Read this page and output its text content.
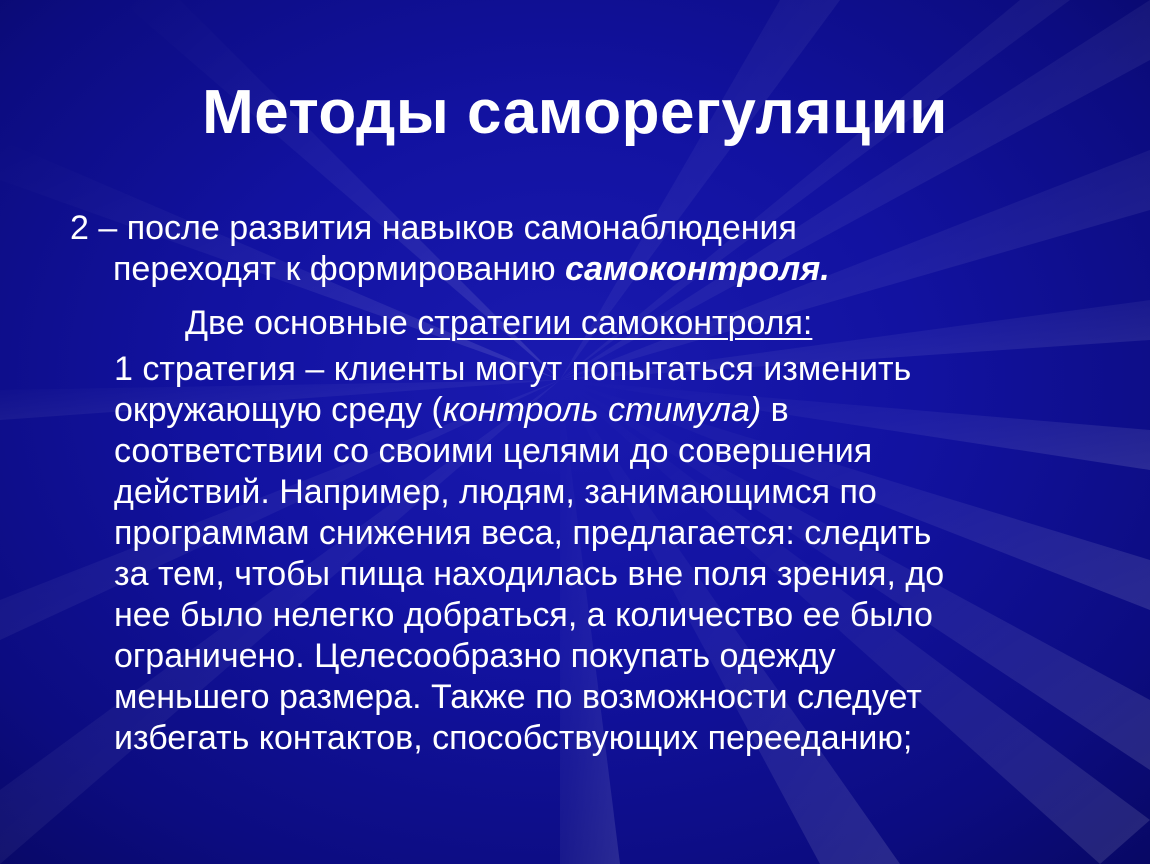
Методы саморегуляции
2 – после развития навыков самонаблюдения
переходят к формированию самоконтроля.
Две основные стратегии самоконтроля:
1 стратегия – клиенты могут попытаться изменить
окружающую среду (контроль стимула) в
соответствии со своими целями до совершения
действий. Например, людям, занимающимся по
программам снижения веса, предлагается: следить
за тем, чтобы пища находилась вне поля зрения, до
нее было нелегко добраться, а количество ее было
ограничено. Целесообразно покупать одежду
меньшего размера. Также по возможности следует
избегать контактов, способствующих перееданию;
